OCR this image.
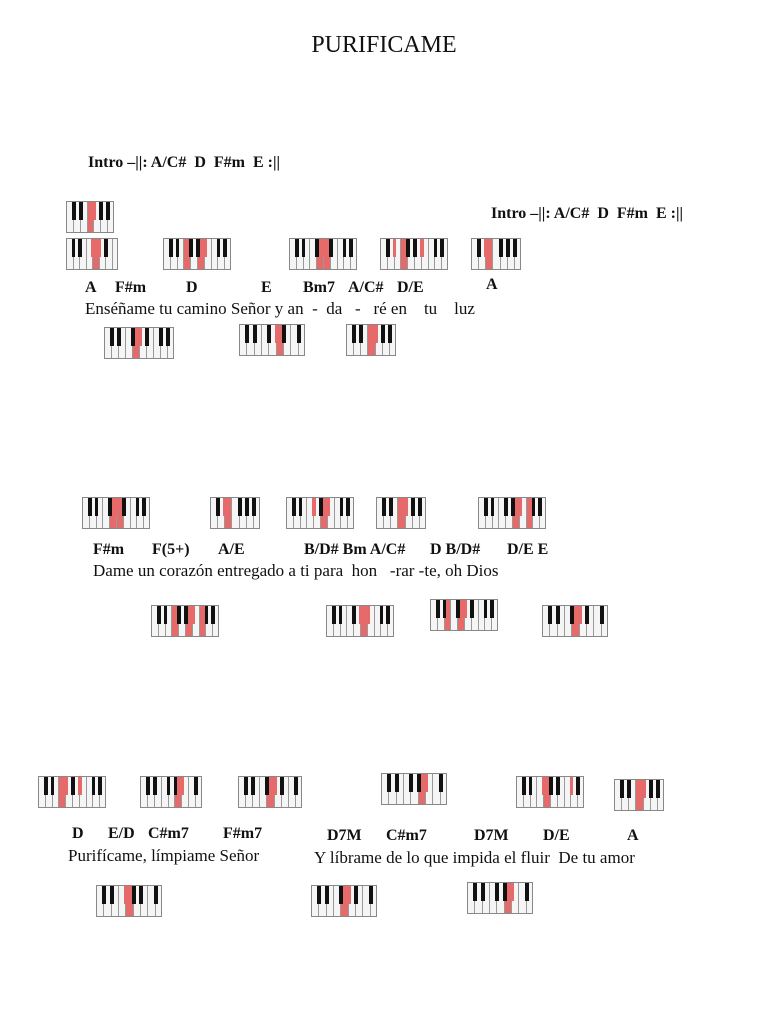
PURIFICAME
Intro –||: A/C#  D  F#m  E :||
Intro –||: A/C#  D  F#m  E :||
A F#m D	E Bm7 A/C# D/E	A
Enséñame tu camino Señor y an  -  da   -   ré en    tu    luz
F#m F(5+) A/E	B/D# Bm A/C# D B/D# D/E E
Dame un corazón entregado a ti para  hon   -rar -te, oh Dios
D E/D C#m7 F#m7	D7M C#m7	D7M D/E	A
Purifícame, límpiame Señor	Y líbrame de lo que impida el fluir  De tu amor
